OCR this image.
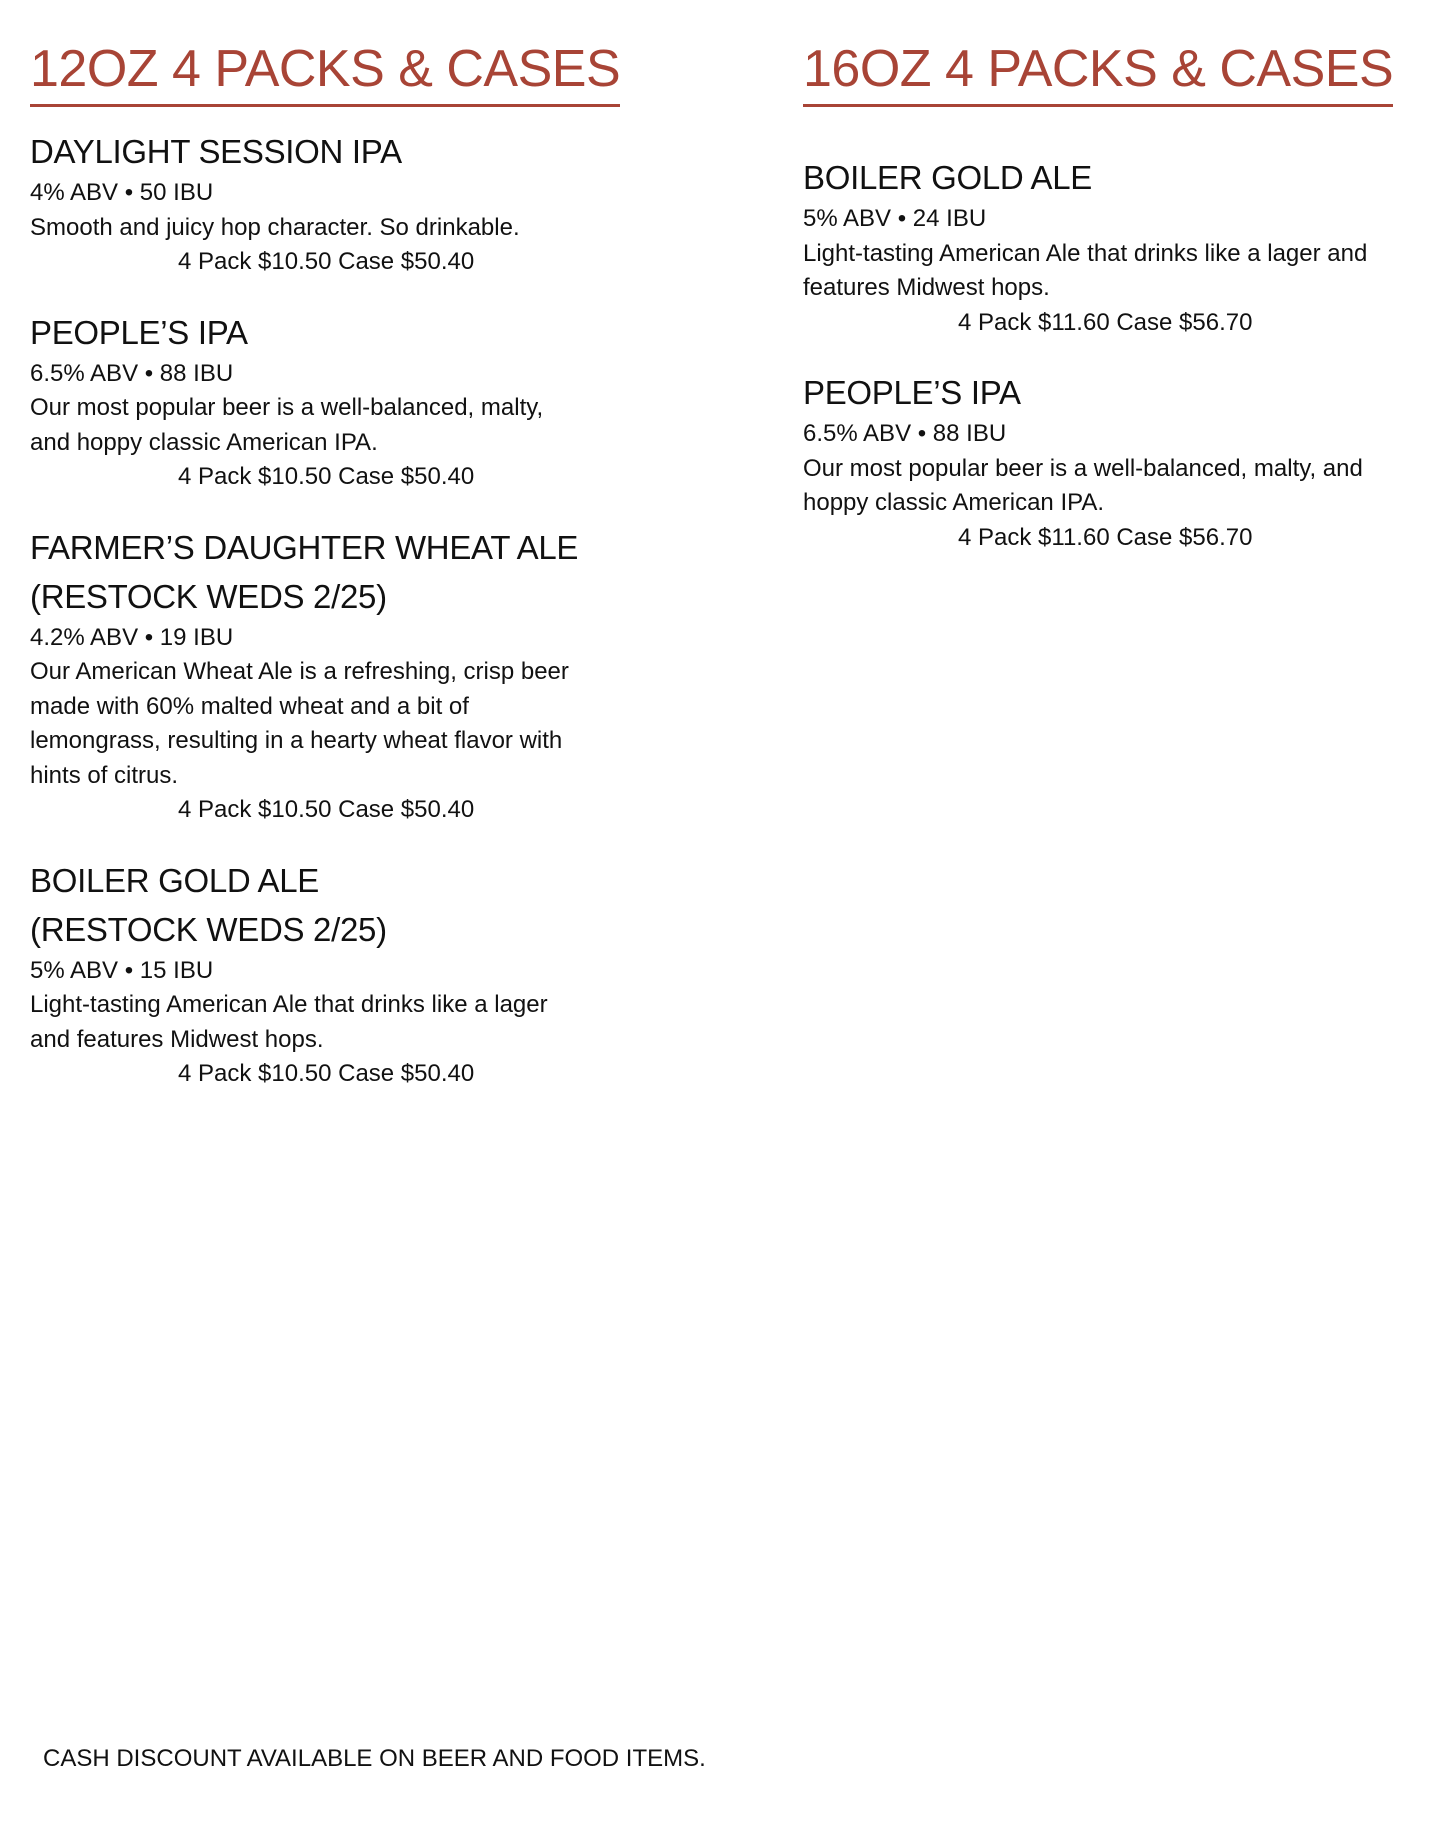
12OZ 4 PACKS & CASES
DAYLIGHT SESSION IPA

4% ABV • 50 IBU

Smooth and juicy hop character. So drinkable.

4 Pack $10.50 Case $50.40

PEOPLE’S IPA

6.5% ABV • 88 IBU

Our most popular beer is a well-balanced, malty,
and hoppy classic American IPA.

4 Pack $10.50 Case $50.40

FARMER’S DAUGHTER WHEAT ALE
(RESTOCK WEDS 2/25)

4.2% ABV • 19 IBU

Our American Wheat Ale is a refreshing, crisp beer
made with 60% malted wheat and a bit of
lemongrass, resulting in a hearty wheat flavor with
hints of citrus.

4 Pack $10.50 Case $50.40

BOILER GOLD ALE
(RESTOCK WEDS 2/25)

5% ABV • 15 IBU

Light-tasting American Ale that drinks like a lager
and features Midwest hops.

4 Pack $10.50 Case $50.40

16OZ 4 PACKS & CASES
BOILER GOLD ALE

5% ABV • 24 IBU

Light-tasting American Ale that drinks like a lager and
features Midwest hops.

4 Pack $11.60 Case $56.70

PEOPLE’S IPA

6.5% ABV • 88 IBU

Our most popular beer is a well-balanced, malty, and
hoppy classic American IPA.

4 Pack $11.60 Case $56.70

CASH DISCOUNT AVAILABLE ON BEER AND FOOD ITEMS.
